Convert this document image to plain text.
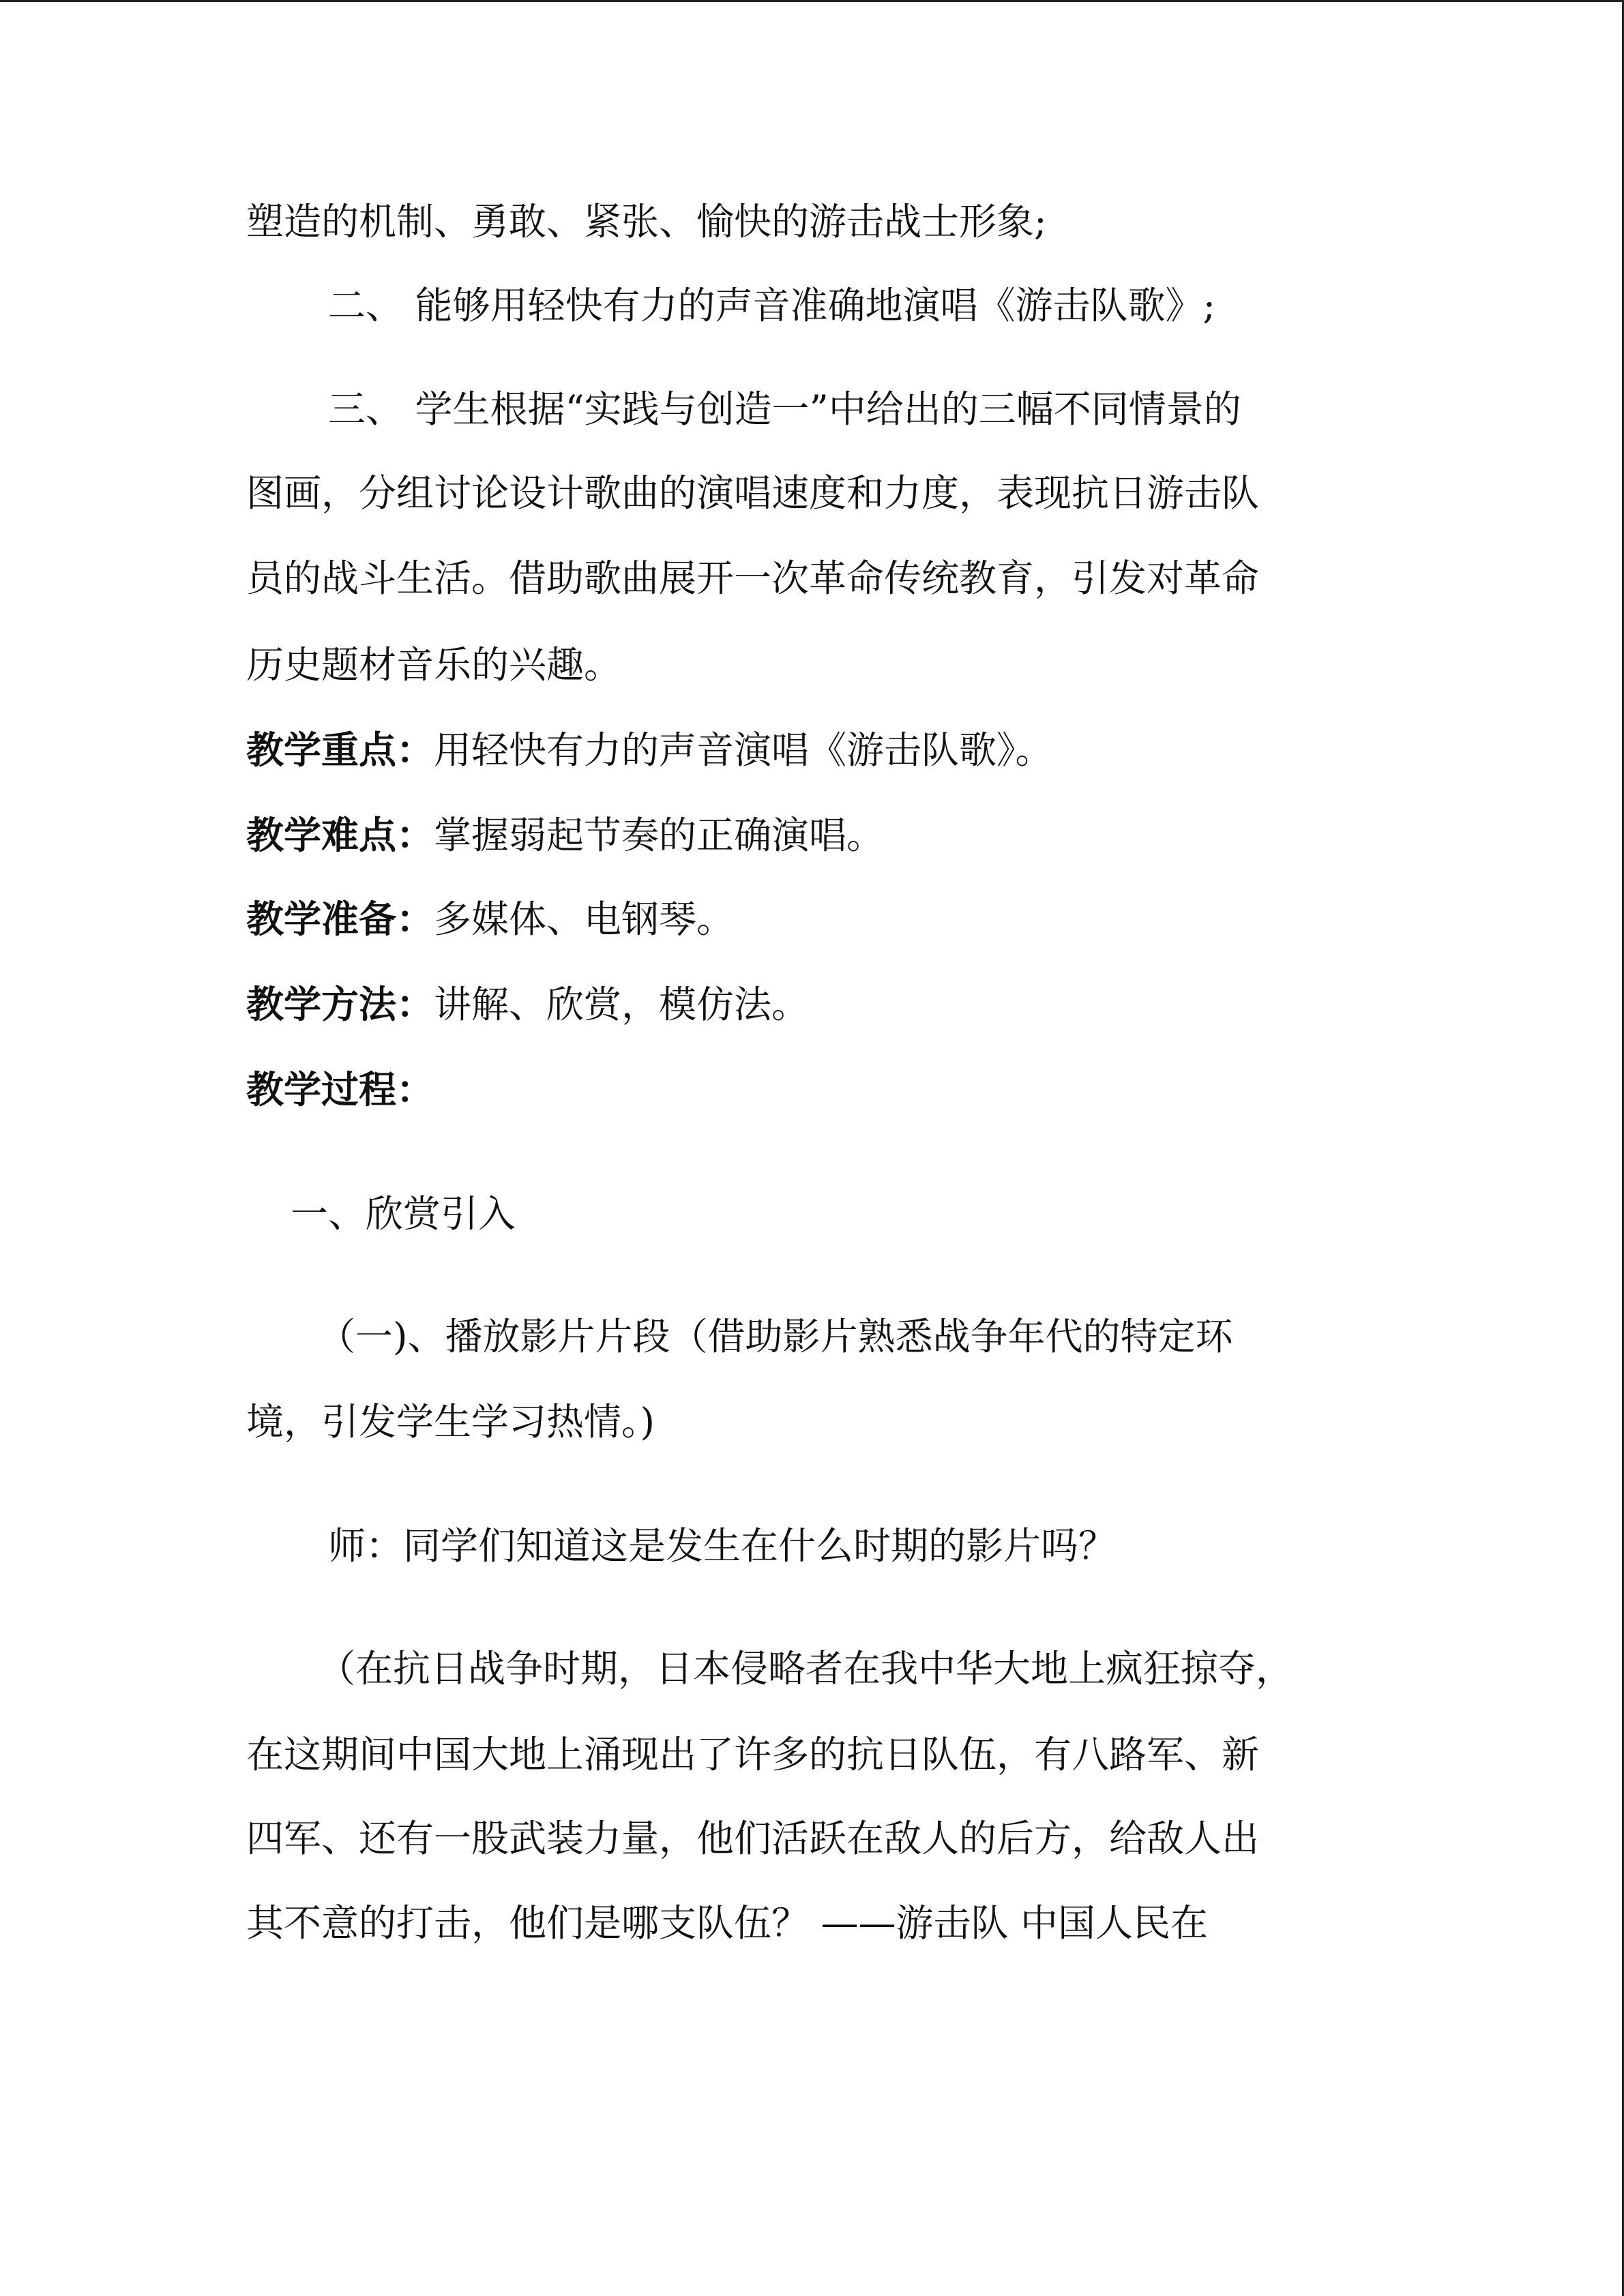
塑造的机制、勇敢、紧张、愉快的游击战士形象;
二、 能够用轻快有力的声音准确地演唱《游击队歌》;
三、 学生根据“实践与创造一”中给出的三幅不同情景的
图画，分组讨论设计歌曲的演唱速度和力度，表现抗日游击队
员的战斗生活。借助歌曲展开一次革命传统教育，引发对革命
历史题材音乐的兴趣。
教学重点：用轻快有力的声音演唱《游击队歌》。
教学难点：掌握弱起节奏的正确演唱。
教学准备：多媒体、电钢琴。
教学方法：讲解、欣赏，模仿法。
教学过程：
一、欣赏引入
（一)、播放影片片段（借助影片熟悉战争年代的特定环
境，引发学生学习热情。)
师：同学们知道这是发生在什么时期的影片吗？
（在抗日战争时期，日本侵略者在我中华大地上疯狂掠夺，
在这期间中国大地上涌现出了许多的抗日队伍，有八路军、新
四军、还有一股武装力量，他们活跃在敌人的后方，给敌人出
其不意的打击，他们是哪支队伍？ ——游击队 中国人民在
